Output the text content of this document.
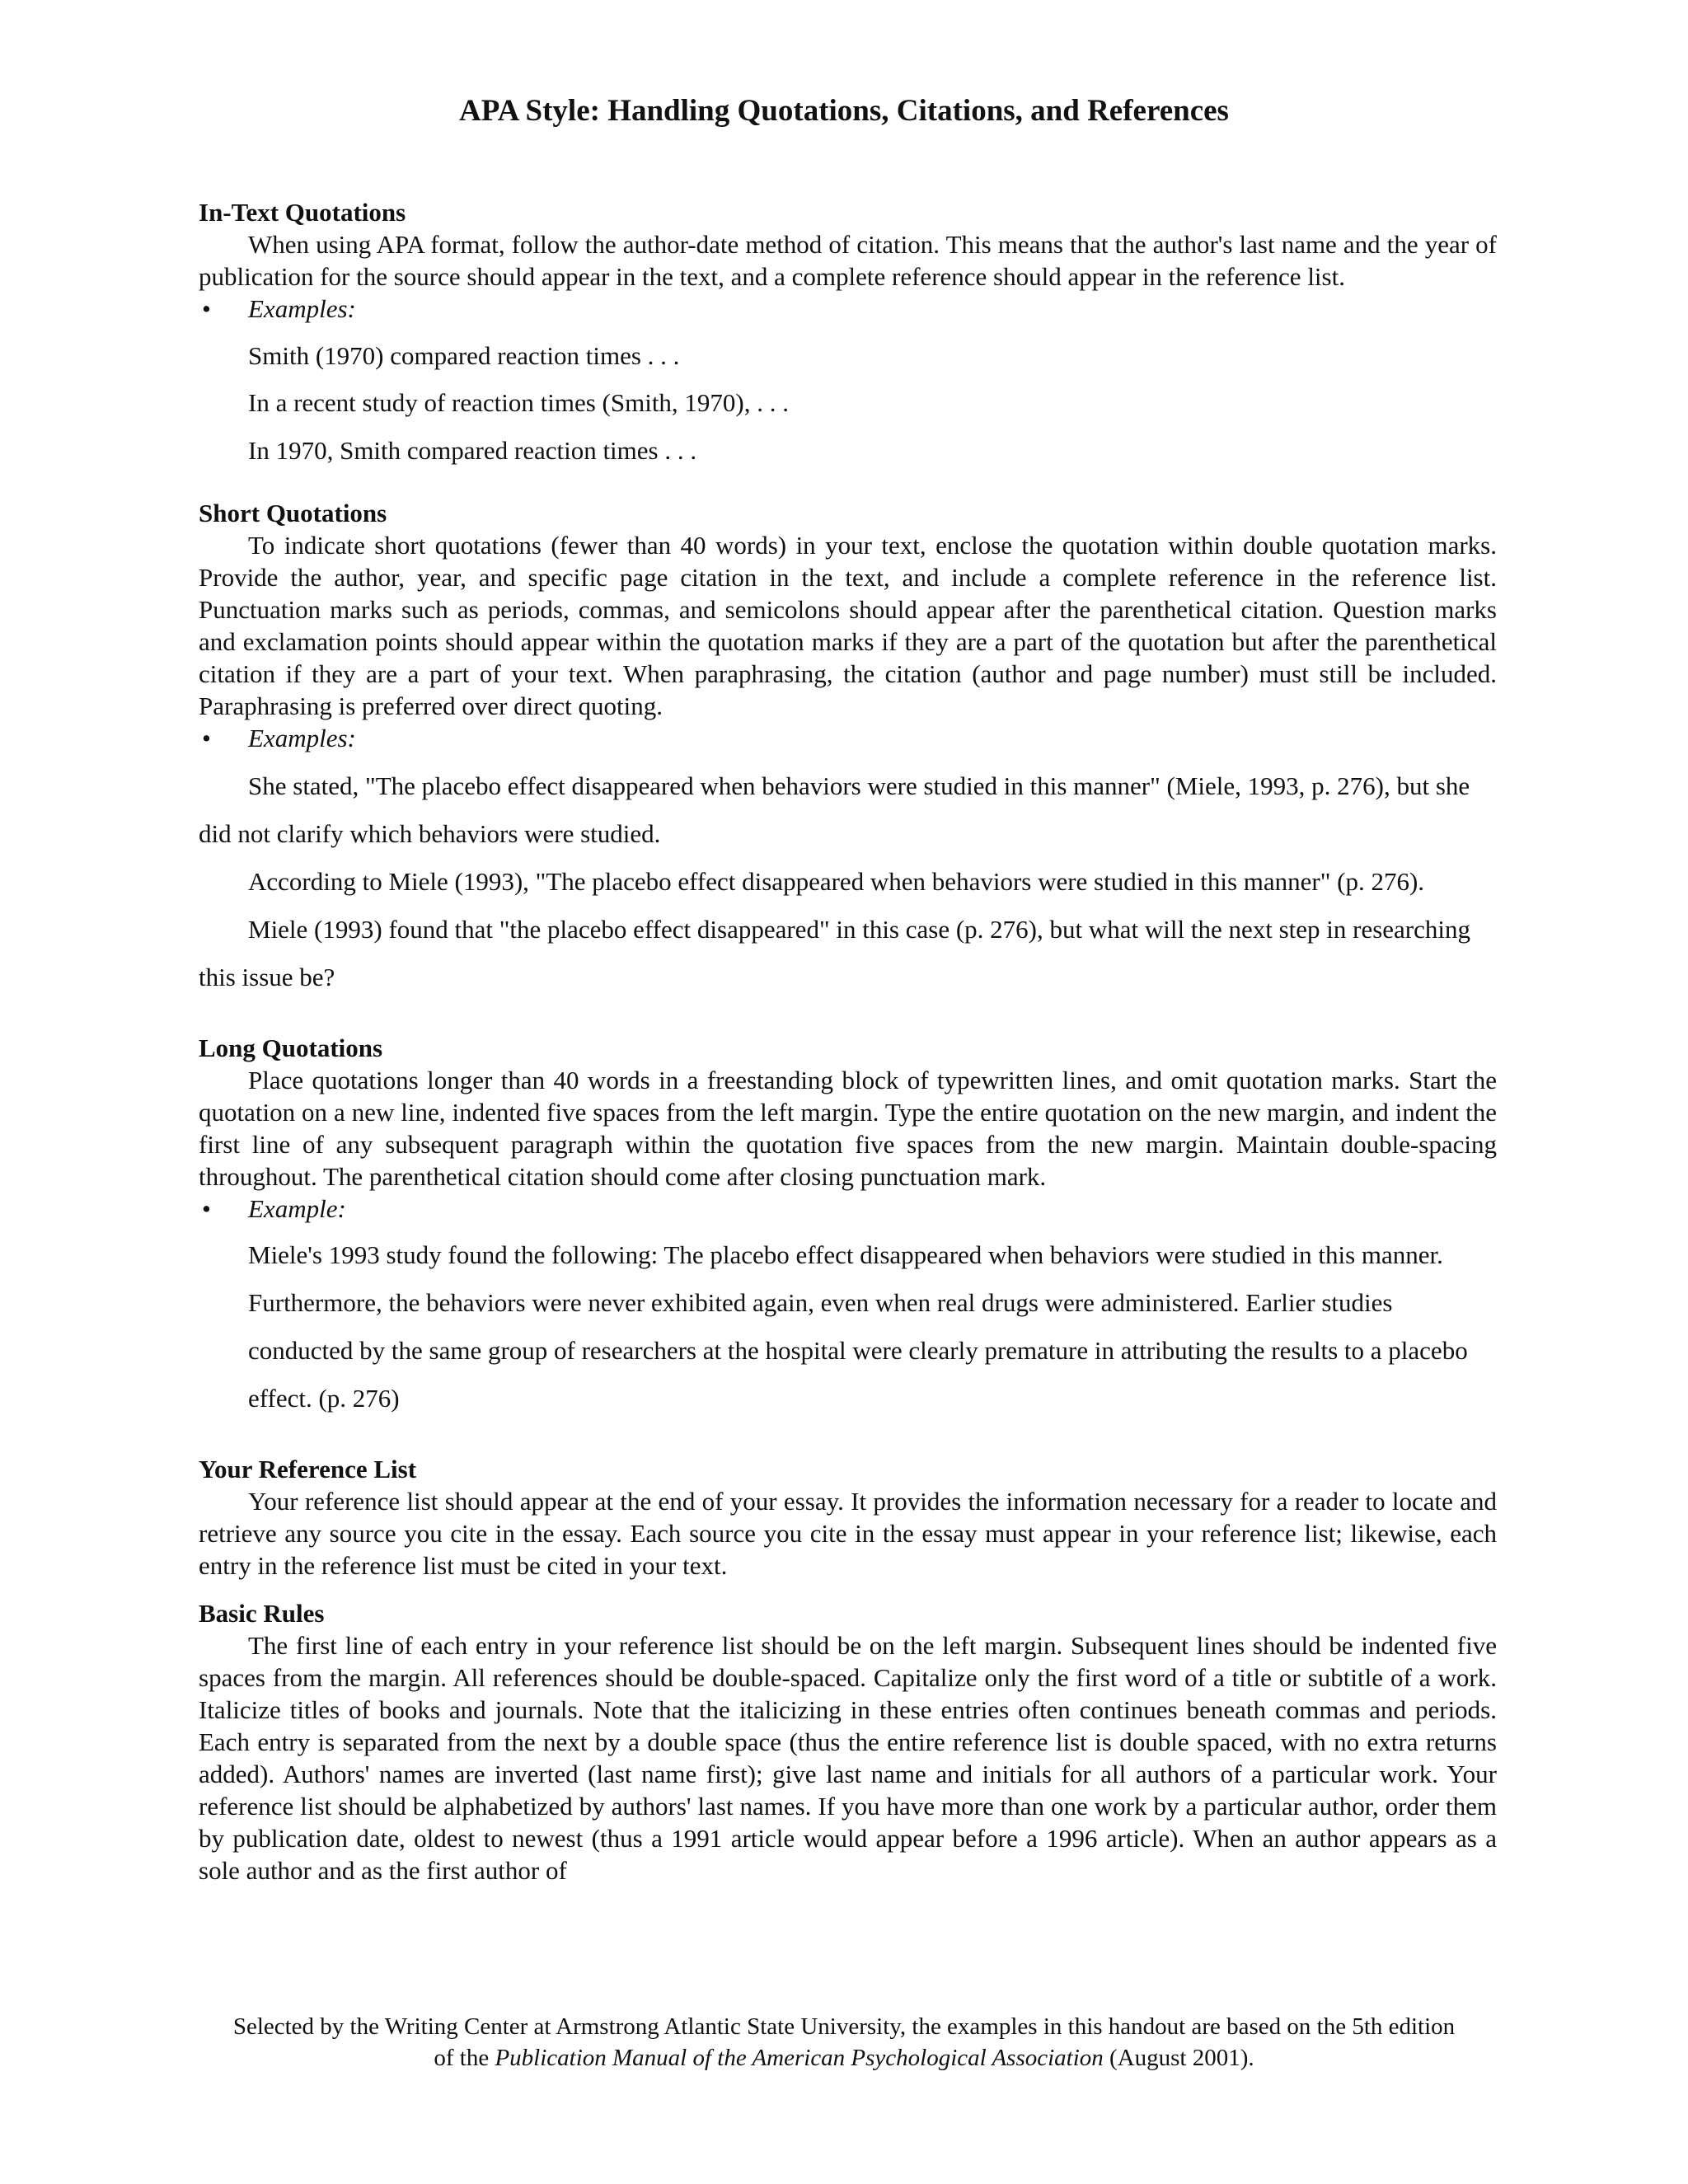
APA Style: Handling Quotations, Citations, and References

In-Text Quotations

When using APA format, follow the author-date method of citation. This means that the author's last name and the year of publication for the source should appear in the text, and a complete reference should appear in the reference list.

• Examples:

Smith (1970) compared reaction times . . .

In a recent study of reaction times (Smith, 1970), . . .

In 1970, Smith compared reaction times . . .

Short Quotations

To indicate short quotations (fewer than 40 words) in your text, enclose the quotation within double quotation marks. Provide the author, year, and specific page citation in the text, and include a complete reference in the reference list. Punctuation marks such as periods, commas, and semicolons should appear after the parenthetical citation. Question marks and exclamation points should appear within the quotation marks if they are a part of the quotation but after the parenthetical citation if they are a part of your text. When paraphrasing, the citation (author and page number) must still be included. Paraphrasing is preferred over direct quoting.

• Examples:

She stated, "The placebo effect disappeared when behaviors were studied in this manner" (Miele, 1993, p. 276), but she did not clarify which behaviors were studied.

According to Miele (1993), "The placebo effect disappeared when behaviors were studied in this manner" (p. 276).

Miele (1993) found that "the placebo effect disappeared" in this case (p. 276), but what will the next step in researching this issue be?

Long Quotations

Place quotations longer than 40 words in a freestanding block of typewritten lines, and omit quotation marks. Start the quotation on a new line, indented five spaces from the left margin. Type the entire quotation on the new margin, and indent the first line of any subsequent paragraph within the quotation five spaces from the new margin. Maintain double-spacing throughout. The parenthetical citation should come after closing punctuation mark.

• Example:

Miele's 1993 study found the following: The placebo effect disappeared when behaviors were studied in this manner. Furthermore, the behaviors were never exhibited again, even when real drugs were administered. Earlier studies conducted by the same group of researchers at the hospital were clearly premature in attributing the results to a placebo effect. (p. 276)

Your Reference List

Your reference list should appear at the end of your essay. It provides the information necessary for a reader to locate and retrieve any source you cite in the essay. Each source you cite in the essay must appear in your reference list; likewise, each entry in the reference list must be cited in your text.

Basic Rules

The first line of each entry in your reference list should be on the left margin. Subsequent lines should be indented five spaces from the margin. All references should be double-spaced. Capitalize only the first word of a title or subtitle of a work. Italicize titles of books and journals. Note that the italicizing in these entries often continues beneath commas and periods. Each entry is separated from the next by a double space (thus the entire reference list is double spaced, with no extra returns added). Authors' names are inverted (last name first); give last name and initials for all authors of a particular work. Your reference list should be alphabetized by authors' last names. If you have more than one work by a particular author, order them by publication date, oldest to newest (thus a 1991 article would appear before a 1996 article). When an author appears as a sole author and as the first author of

Selected by the Writing Center at Armstrong Atlantic State University, the examples in this handout are based on the 5th edition
of the Publication Manual of the American Psychological Association (August 2001).
